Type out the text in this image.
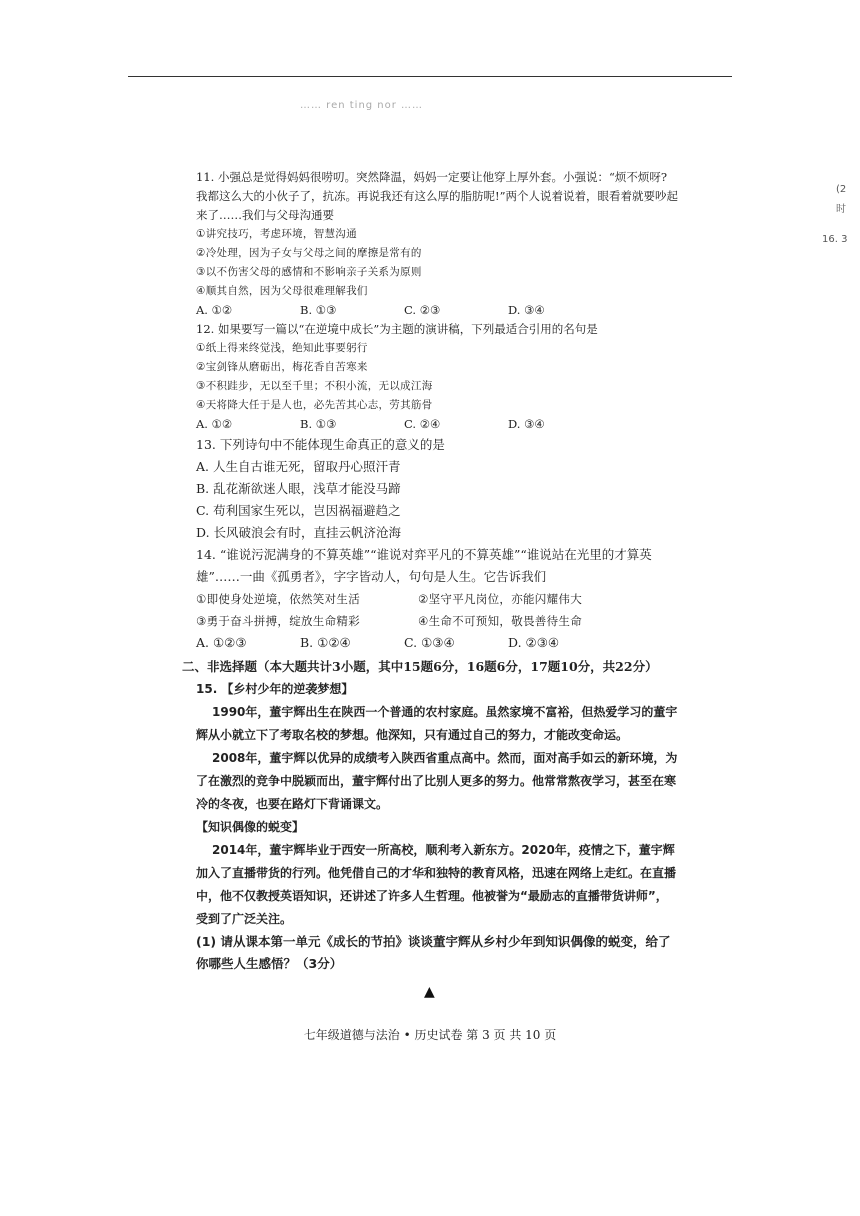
…… ren ting nor ……
(2
时
16. 3
11. 小强总是觉得妈妈很唠叨。突然降温，妈妈一定要让他穿上厚外套。小强说：“烦不烦呀?我都这么大的小伙子了，抗冻。再说我还有这么厚的脂肪呢!”两个人说着说着，眼看着就要吵起来了……我们与父母沟通要
①讲究技巧，考虑环境，智慧沟通
②冷处理，因为子女与父母之间的摩擦是常有的
③以不伤害父母的感情和不影响亲子关系为原则
④顺其自然，因为父母很难理解我们
A. ①②	B. ①③	C. ②③	D. ③④
12. 如果要写一篇以“在逆境中成长”为主题的演讲稿，下列最适合引用的名句是
①纸上得来终觉浅，绝知此事要躬行
②宝剑锋从磨砺出，梅花香自苦寒来
③不积跬步，无以至千里；不积小流，无以成江海
④天将降大任于是人也，必先苦其心志，劳其筋骨
A. ①②	B. ①③	C. ②④	D. ③④
13. 下列诗句中不能体现生命真正的意义的是
A. 人生自古谁无死，留取丹心照汗青
B. 乱花渐欲迷人眼，浅草才能没马蹄
C. 苟利国家生死以，岂因祸福避趋之
D. 长风破浪会有时，直挂云帆济沧海
14. “谁说污泥满身的不算英雄”“谁说对弈平凡的不算英雄”“谁说站在光里的才算英雄”……一曲《孤勇者》，字字皆动人，句句是人生。它告诉我们
①即使身处逆境，依然笑对生活	②坚守平凡岗位，亦能闪耀伟大
③勇于奋斗拼搏，绽放生命精彩	④生命不可预知，敬畏善待生命
A. ①②③	B. ①②④	C. ①③④	D. ②③④
二、非选择题（本大题共计3小题，其中15题6分，16题6分，17题10分，共22分）
15. 【乡村少年的逆袭梦想】
1990年，董宇辉出生在陕西一个普通的农村家庭。虽然家境不富裕，但热爱学习的董宇辉从小就立下了考取名校的梦想。他深知，只有通过自己的努力，才能改变命运。
2008年，董宇辉以优异的成绩考入陕西省重点高中。然而，面对高手如云的新环境，为了在激烈的竞争中脱颖而出，董宇辉付出了比别人更多的努力。他常常熬夜学习，甚至在寒冷的冬夜，也要在路灯下背诵课文。
【知识偶像的蜕变】
2014年，董宇辉毕业于西安一所高校，顺利考入新东方。2020年，疫情之下，董宇辉加入了直播带货的行列。他凭借自己的才华和独特的教育风格，迅速在网络上走红。在直播中，他不仅教授英语知识，还讲述了许多人生哲理。他被誉为“最励志的直播带货讲师”，受到了广泛关注。
(1) 请从课本第一单元《成长的节拍》谈谈董宇辉从乡村少年到知识偶像的蜕变，给了你哪些人生感悟？（3分）
▲
七年级道德与法治 • 历史试卷 第 3 页 共 10 页
